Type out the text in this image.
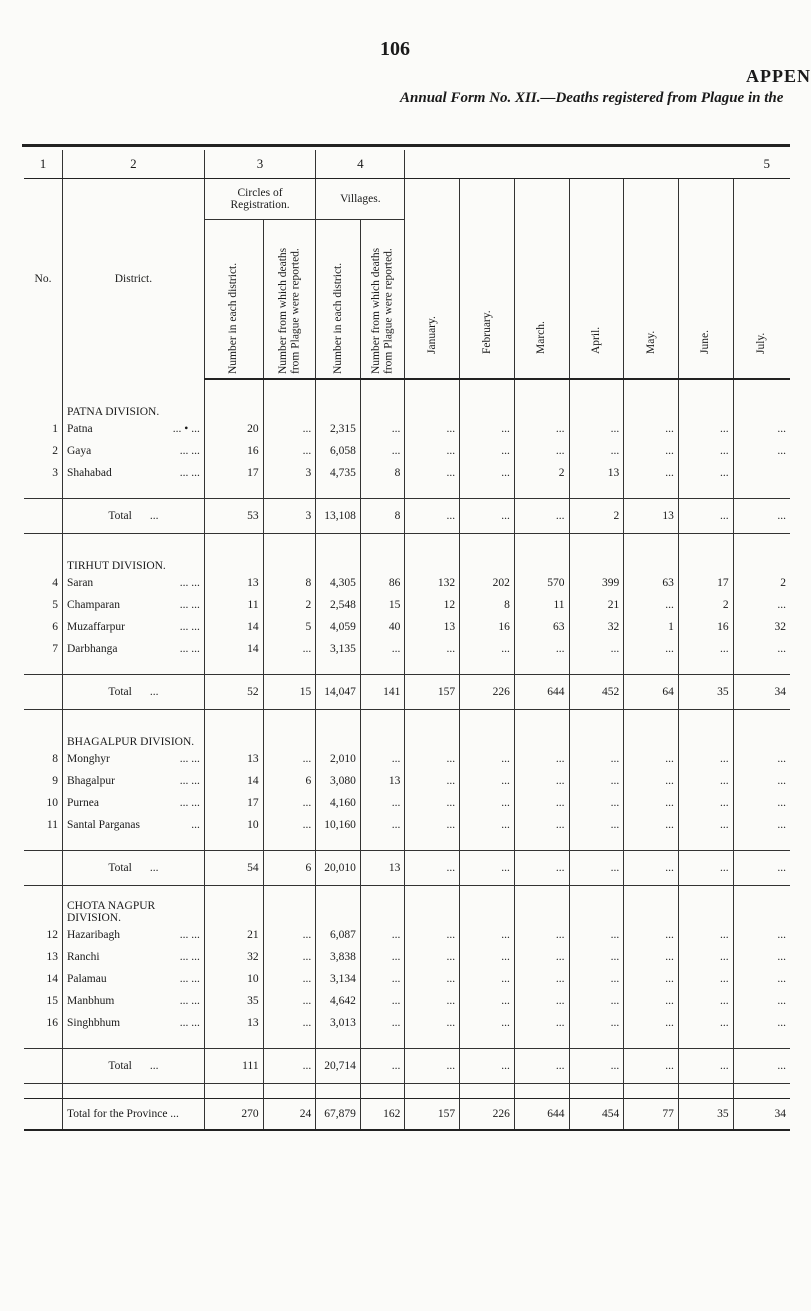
106
APPEN
Annual Form No. XII.—Deaths registered from Plague in the
1	2	3		4		5						
No.	District.	Circles of Registration.		Villages.		January.	February.	March.	April.	May.	June.	July.

		Number in each district.	Number from which deaths from Plague were reported.	Number in each district.	Number from which deaths from Plague were reported.							

	PATNA DIVISION.											
1	Patna ... • ...	20	...	2,315	...	...	...	...	...	...	...	...
2	Gaya ... ...	16	...	6,058	...	...	...	...	...	...	...	...
3	Shahabad ... ...	17	3	4,735	8	...	...	2	13	...	...	

	Total ...	53	3	13,108	8	...	...	...	2	13	...	...

	TIRHUT DIVISION.											
4	Saran ... ...	13	8	4,305	86	132	202	570	399	63	17	2
5	Champaran ... ...	11	2	2,548	15	12	8	11	21	...	2	...
6	Muzaffarpur ... ...	14	5	4,059	40	13	16	63	32	1	16	32
7	Darbhanga ... ...	14	...	3,135	...	...	...	...	...	...	...	...

	Total ...	52	15	14,047	141	157	226	644	452	64	35	34

	BHAGALPUR DIVISION.											
8	Monghyr ... ...	13	...	2,010	...	...	...	...	...	...	...	...
9	Bhagalpur ... ...	14	6	3,080	13	...	...	...	...	...	...	...
10	Purnea ... ...	17	...	4,160	...	...	...	...	...	...	...	...
11	Santal Parganas ...	10	...	10,160	...	...	...	...	...	...	...	...

	Total ...	54	6	20,010	13	...	...	...	...	...	...	...

	CHOTA NAGPUR DIVISION.											
12	Hazaribagh ... ...	21	...	6,087	...	...	...	...	...	...	...	...
13	Ranchi ... ...	32	...	3,838	...	...	...	...	...	...	...	...
14	Palamau ... ...	10	...	3,134	...	...	...	...	...	...	...	...
15	Manbhum ... ...	35	...	4,642	...	...	...	...	...	...	...	...
16	Singhbhum ... ...	13	...	3,013	...	...	...	...	...	...	...	...

	Total ...	111	...	20,714	...	...	...	...	...	...	...	...

	Total for the Province ...	270	24	67,879	162	157	226	644	454	77	35	34
